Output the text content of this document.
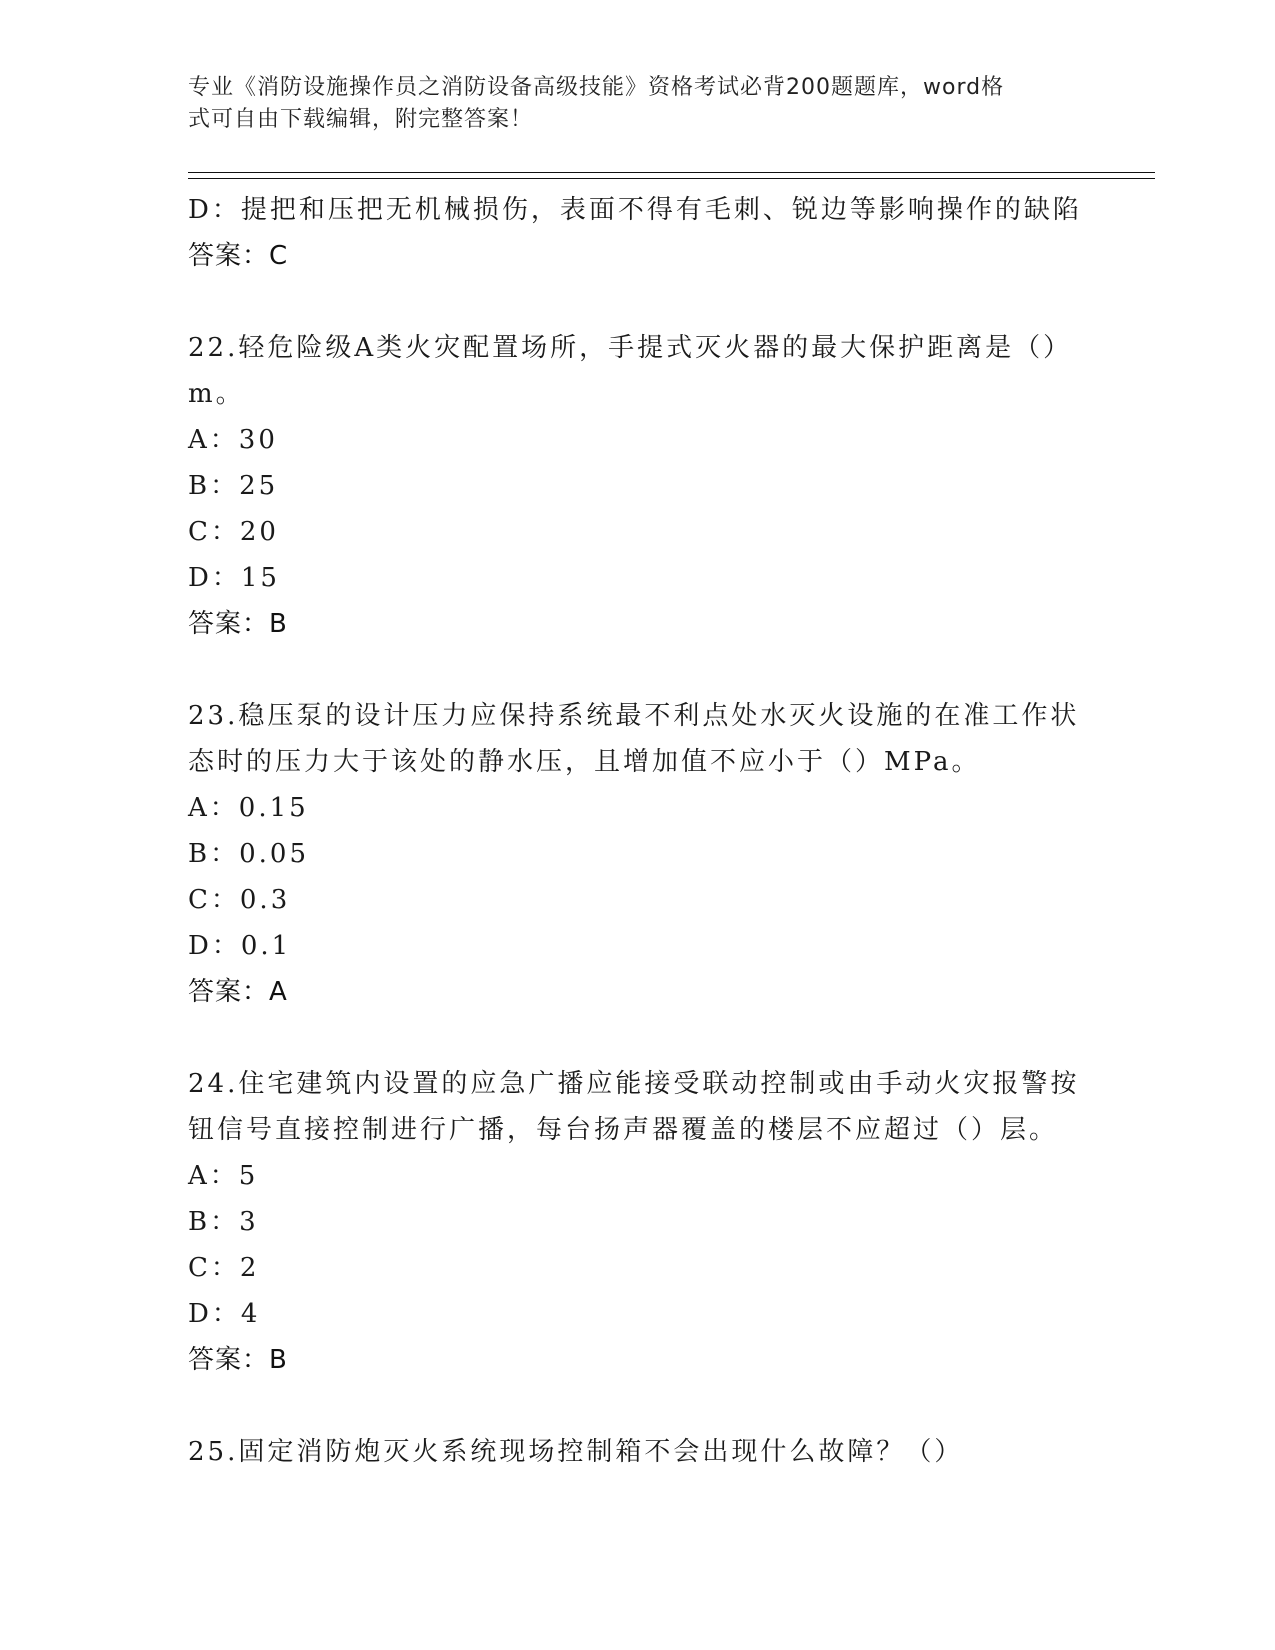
专业《消防设施操作员之消防设备高级技能》资格考试必背200题题库，word格
式可自由下载编辑，附完整答案！
D：提把和压把无机械损伤，表面不得有毛刺、锐边等影响操作的缺陷
答案：C
22.轻危险级A类火灾配置场所，手提式灭火器的最大保护距离是（）
m。
A：30
B：25
C：20
D：15
答案：B
23.稳压泵的设计压力应保持系统最不利点处水灭火设施的在准工作状
态时的压力大于该处的静水压，且增加值不应小于（）MPa。
A：0.15
B：0.05
C：0.3
D：0.1
答案：A
24.住宅建筑内设置的应急广播应能接受联动控制或由手动火灾报警按
钮信号直接控制进行广播，每台扬声器覆盖的楼层不应超过（）层。
A：5
B：3
C：2
D：4
答案：B
25.固定消防炮灭火系统现场控制箱不会出现什么故障？（）
